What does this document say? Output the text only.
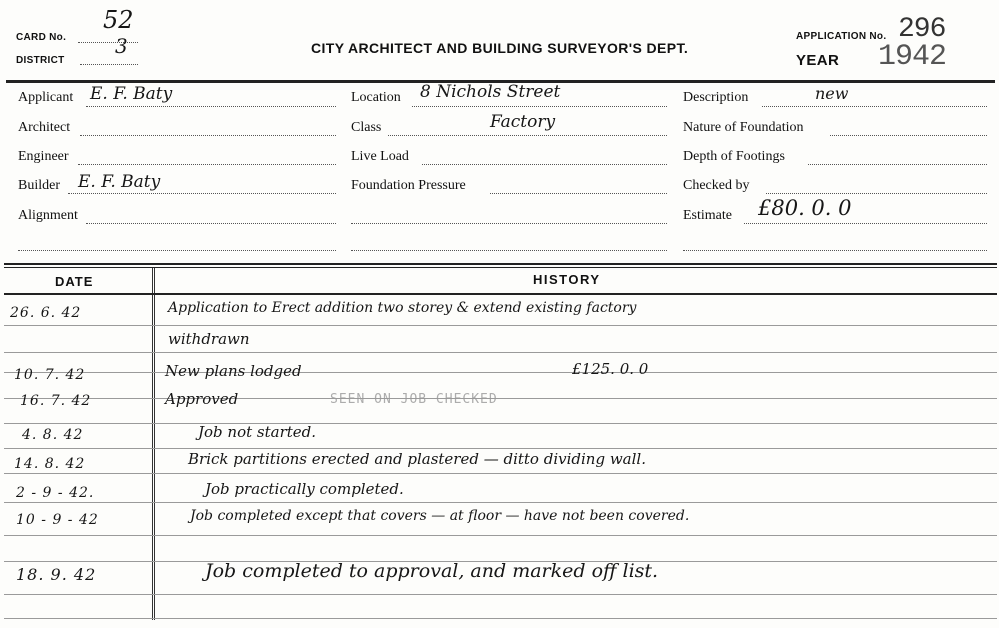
CARD No.
52
DISTRICT
3	CITY ARCHITECT AND BUILDING SURVEYOR'S DEPT.
APPLICATION No. 296
YEAR 1942
Applicant E. F. Baty
Architect
Engineer
Builder E. F. Baty
Alignment
Location 8 Nichols Street
Class	Factory
Live Load
Foundation Pressure
Description	new
Nature of Foundation
Depth of Footings
Checked by
Estimate £80. 0. 0
DATE	HISTORY
26. 6. 42	Application to Erect addition two storey & extend existing factory
withdrawn
10. 7. 42	New plans lodged	£125. 0. 0
16. 7. 42	Approved	SEEN ON JOB CHECKED
4. 8. 42	Job not started.
14. 8. 42	Brick partitions erected and plastered — ditto dividing wall.
2 - 9 - 42.	Job practically completed.
10 - 9 - 42	Job completed except that covers — at floor — have not been covered.
18. 9. 42	Job completed to approval, and marked off list.
